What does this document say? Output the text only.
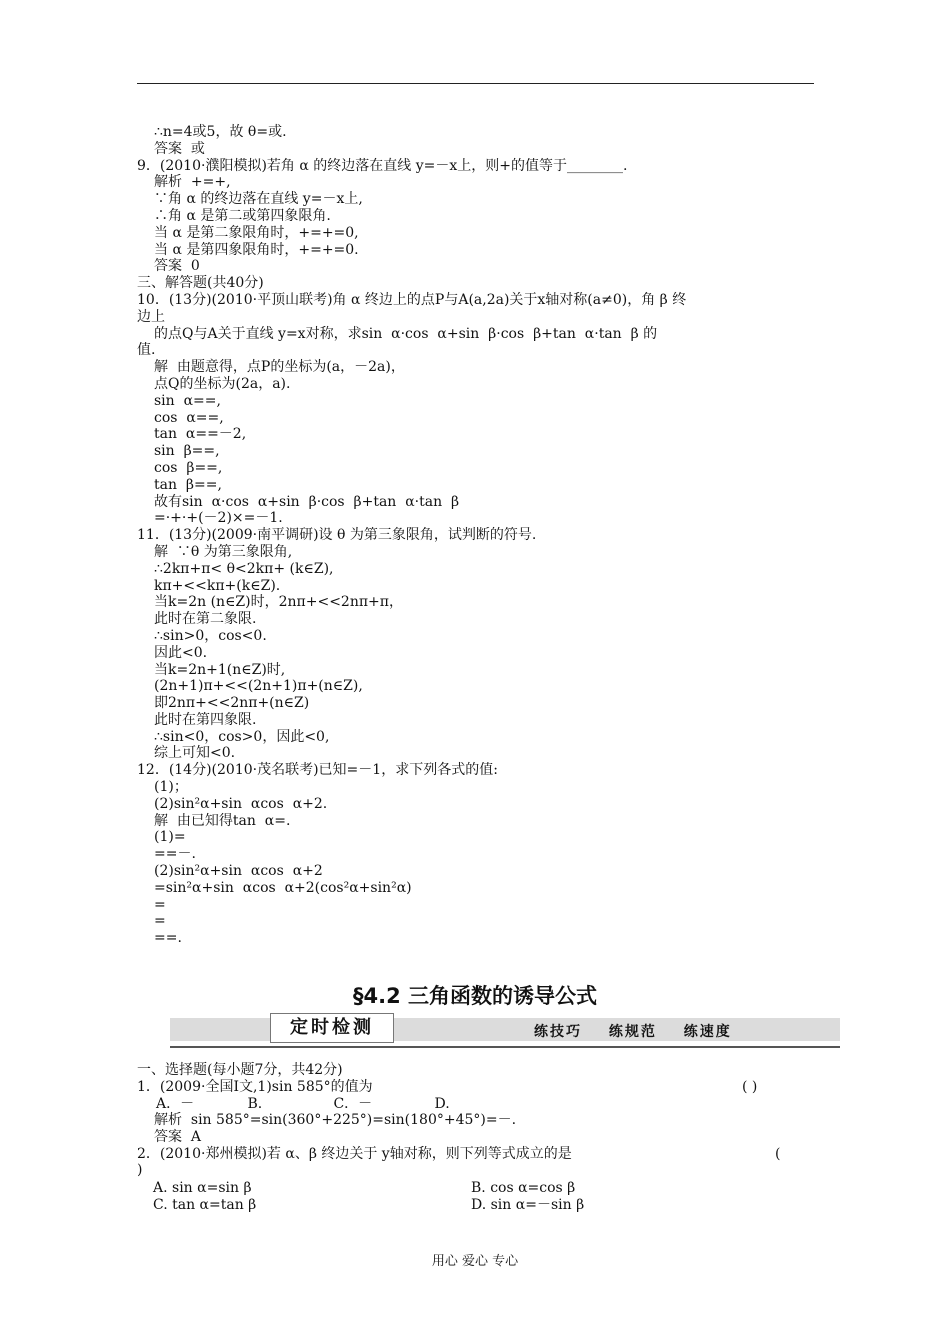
∴n=4或5，故 θ=或.
答案  或
9．(2010·濮阳模拟)若角 α 的终边落在直线 y=－x上，则+的值等于________.
解析  +=+,
∵角 α 的终边落在直线 y=－x上,
∴角 α 是第二或第四象限角.
当 α 是第二象限角时，+=+=0,
当 α 是第四象限角时，+=+=0.
答案  0
三、解答题(共40分)
10．(13分)(2010·平顶山联考)角 α 终边上的点P与A(a,2a)关于x轴对称(a≠0)，角 β 终
边上
的点Q与A关于直线 y=x对称，求sin  α·cos  α+sin  β·cos  β+tan  α·tan  β 的
值.
解  由题意得，点P的坐标为(a，－2a)，
点Q的坐标为(2a，a).
sin  α==,
cos  α==,
tan  α==－2,
sin  β==,
cos  β==,
tan  β==,
故有sin  α·cos  α+sin  β·cos  β+tan  α·tan  β
=·+·+(－2)×=－1.
11．(13分)(2009·南平调研)设 θ 为第三象限角，试判断的符号.
解  ∵θ 为第三象限角,
∴2kπ+π< θ<2kπ+ (k∈Z),
kπ+<<kπ+(k∈Z).
当k=2n (n∈Z)时，2nπ+<<2nπ+π，
此时在第二象限.
∴sin>0，cos<0.
因此<0.
当k=2n+1(n∈Z)时,
(2n+1)π+<<(2n+1)π+(n∈Z),
即2nπ+<<2nπ+(n∈Z)
此时在第四象限.
∴sin<0，cos>0，因此<0,
综上可知<0.
12．(14分)(2010·茂名联考)已知=－1，求下列各式的值:
(1)；
(2)sin²α+sin  αcos  α+2.
解  由已知得tan  α=.
(1)=
==－.
(2)sin²α+sin  αcos  α+2
=sin²α+sin  αcos  α+2(cos²α+sin²α)
=
=
==.
§4.2 三角函数的诱导公式
定时检测	练技巧 练规范 练速度
一、选择题(每小题7分，共42分)
1．(2009·全国Ⅰ文,1)sin 585°的值为
A．－            B.                C．－              D.
解析  sin 585°=sin(360°+225°)=sin(180°+45°)=－.
答案  A
2．(2010·郑州模拟)若 α、β 终边关于 y轴对称，则下列等式成立的是
( )
(
)
A. sin α=sin β	B. cos α=cos β
C. tan α=tan β	D. sin α=－sin β
用心 爱心 专心
